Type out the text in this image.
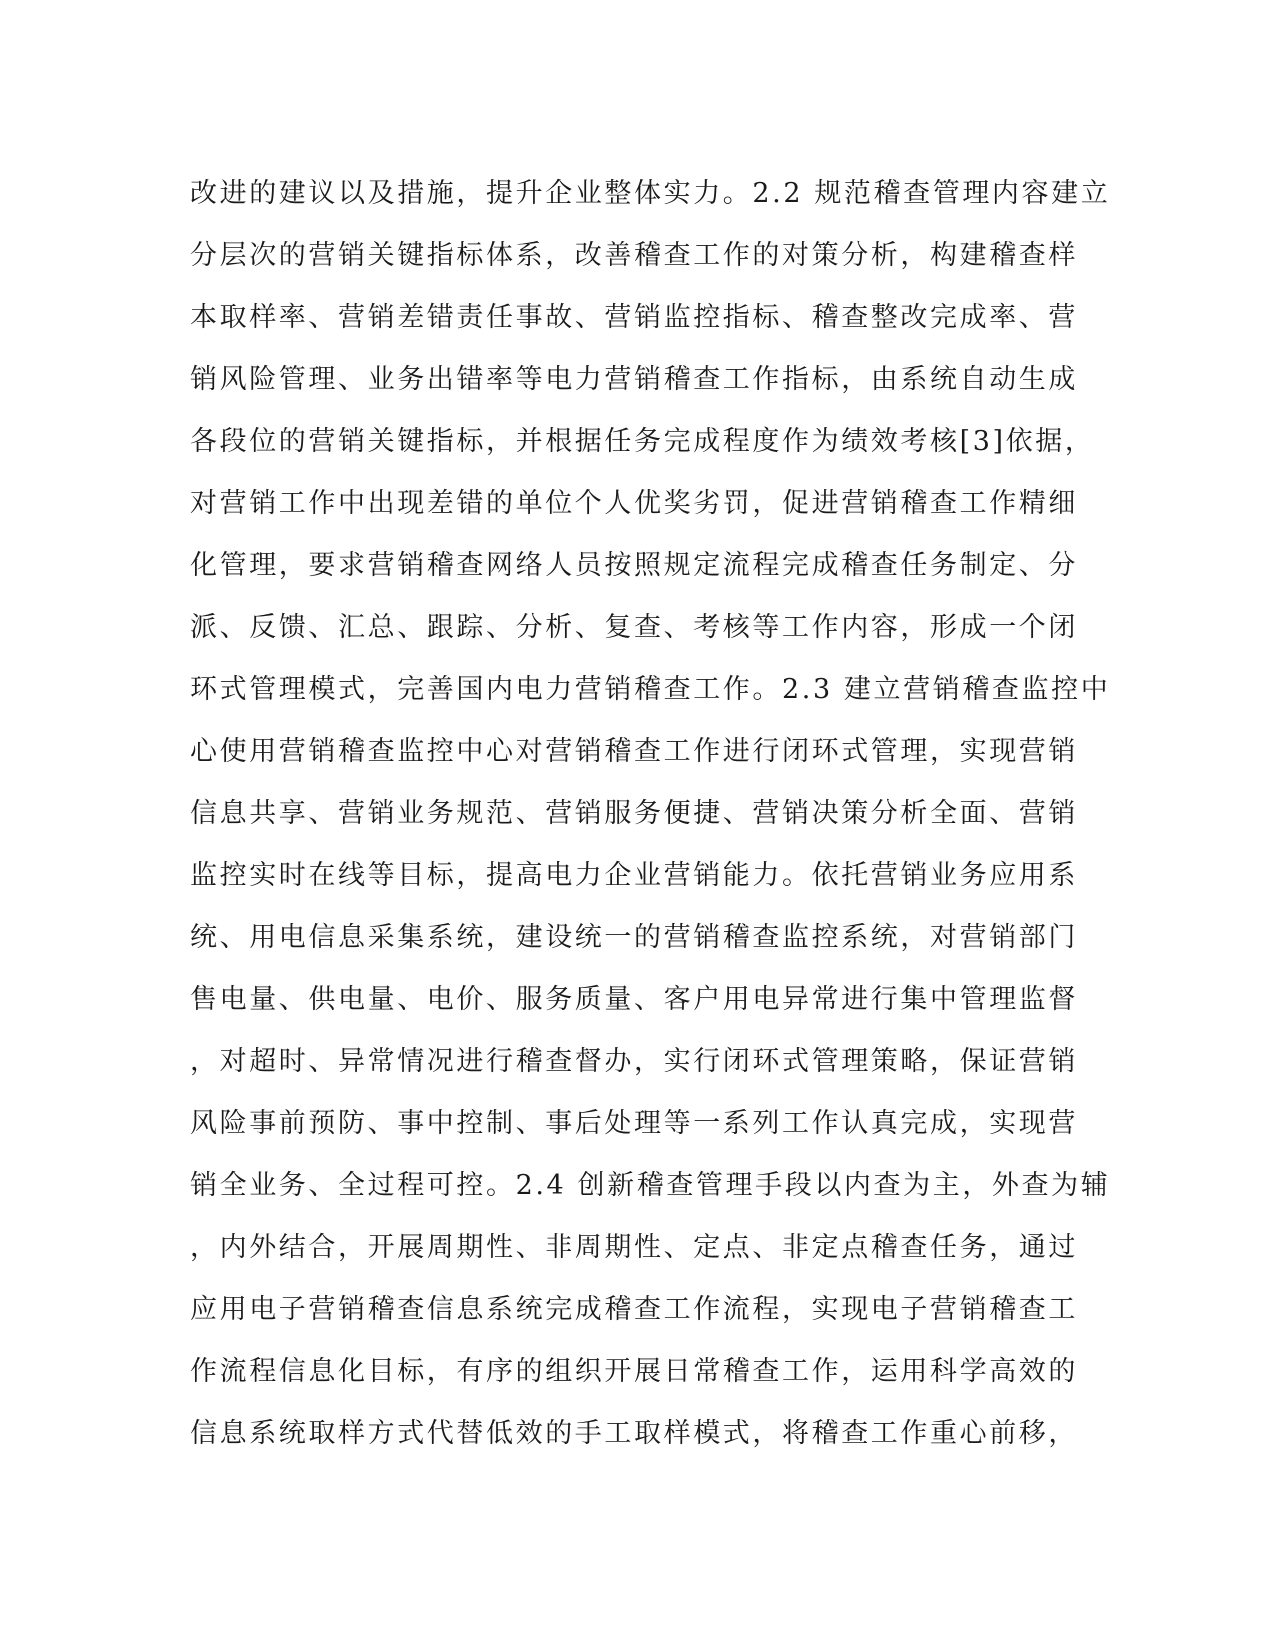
改进的建议以及措施，提升企业整体实力。2.2 规范稽查管理内容建立
分层次的营销关键指标体系，改善稽查工作的对策分析，构建稽查样
本取样率、营销差错责任事故、营销监控指标、稽查整改完成率、营
销风险管理、业务出错率等电力营销稽查工作指标，由系统自动生成
各段位的营销关键指标，并根据任务完成程度作为绩效考核[3]依据，
对营销工作中出现差错的单位个人优奖劣罚，促进营销稽查工作精细
化管理，要求营销稽查网络人员按照规定流程完成稽查任务制定、分
派、反馈、汇总、跟踪、分析、复查、考核等工作内容，形成一个闭
环式管理模式，完善国内电力营销稽查工作。2.3 建立营销稽查监控中
心使用营销稽查监控中心对营销稽查工作进行闭环式管理，实现营销
信息共享、营销业务规范、营销服务便捷、营销决策分析全面、营销
监控实时在线等目标，提高电力企业营销能力。依托营销业务应用系
统、用电信息采集系统，建设统一的营销稽查监控系统，对营销部门
售电量、供电量、电价、服务质量、客户用电异常进行集中管理监督
，对超时、异常情况进行稽查督办，实行闭环式管理策略，保证营销
风险事前预防、事中控制、事后处理等一系列工作认真完成，实现营
销全业务、全过程可控。2.4 创新稽查管理手段以内查为主，外查为辅
，内外结合，开展周期性、非周期性、定点、非定点稽查任务，通过
应用电子营销稽查信息系统完成稽查工作流程，实现电子营销稽查工
作流程信息化目标，有序的组织开展日常稽查工作，运用科学高效的
信息系统取样方式代替低效的手工取样模式，将稽查工作重心前移，
